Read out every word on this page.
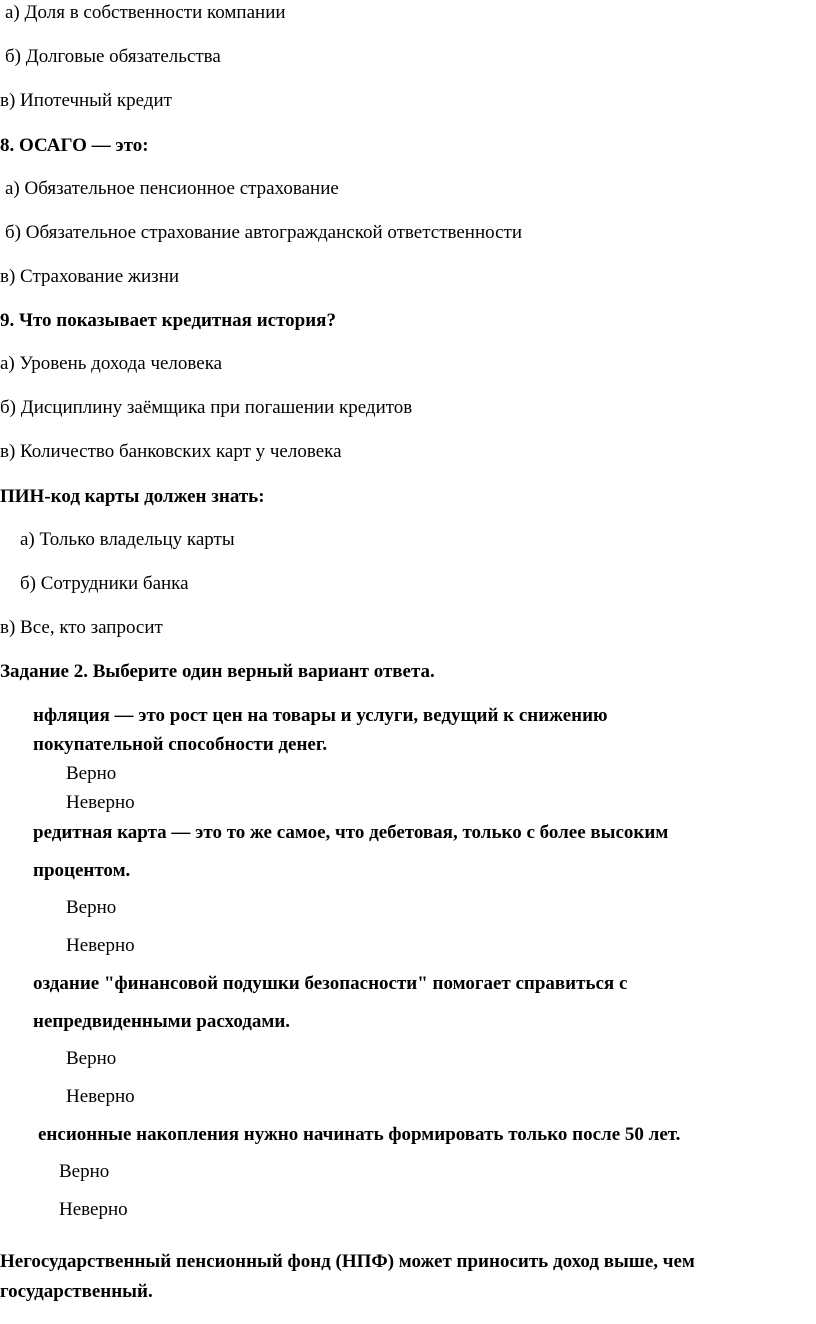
а) Доля в собственности компании
б) Долговые обязательства
в) Ипотечный кредит
8. ОСАГО — это:
а) Обязательное пенсионное страхование
б) Обязательное страхование автогражданской ответственности
в) Страхование жизни
9. Что показывает кредитная история?
а) Уровень дохода человека
б) Дисциплину заёмщика при погашении кредитов
в) Количество банковских карт у человека
ПИН-код карты должен знать:
а) Только владельцу карты
б) Сотрудники банка
в) Все, кто запросит
Задание 2. Выберите один верный вариант ответа.
нфляция — это рост цен на товары и услуги, ведущий к снижению
покупательной способности денег.
Верно
Неверно
редитная карта — это то же самое, что дебетовая, только с более высоким
процентом.
Верно
Неверно
оздание "финансовой подушки безопасности" помогает справиться с
непредвиденными расходами.
Верно
Неверно
енсионные накопления нужно начинать формировать только после 50 лет.
Верно
Неверно
Негосударственный пенсионный фонд (НПФ) может приносить доход выше, чем
государственный.
